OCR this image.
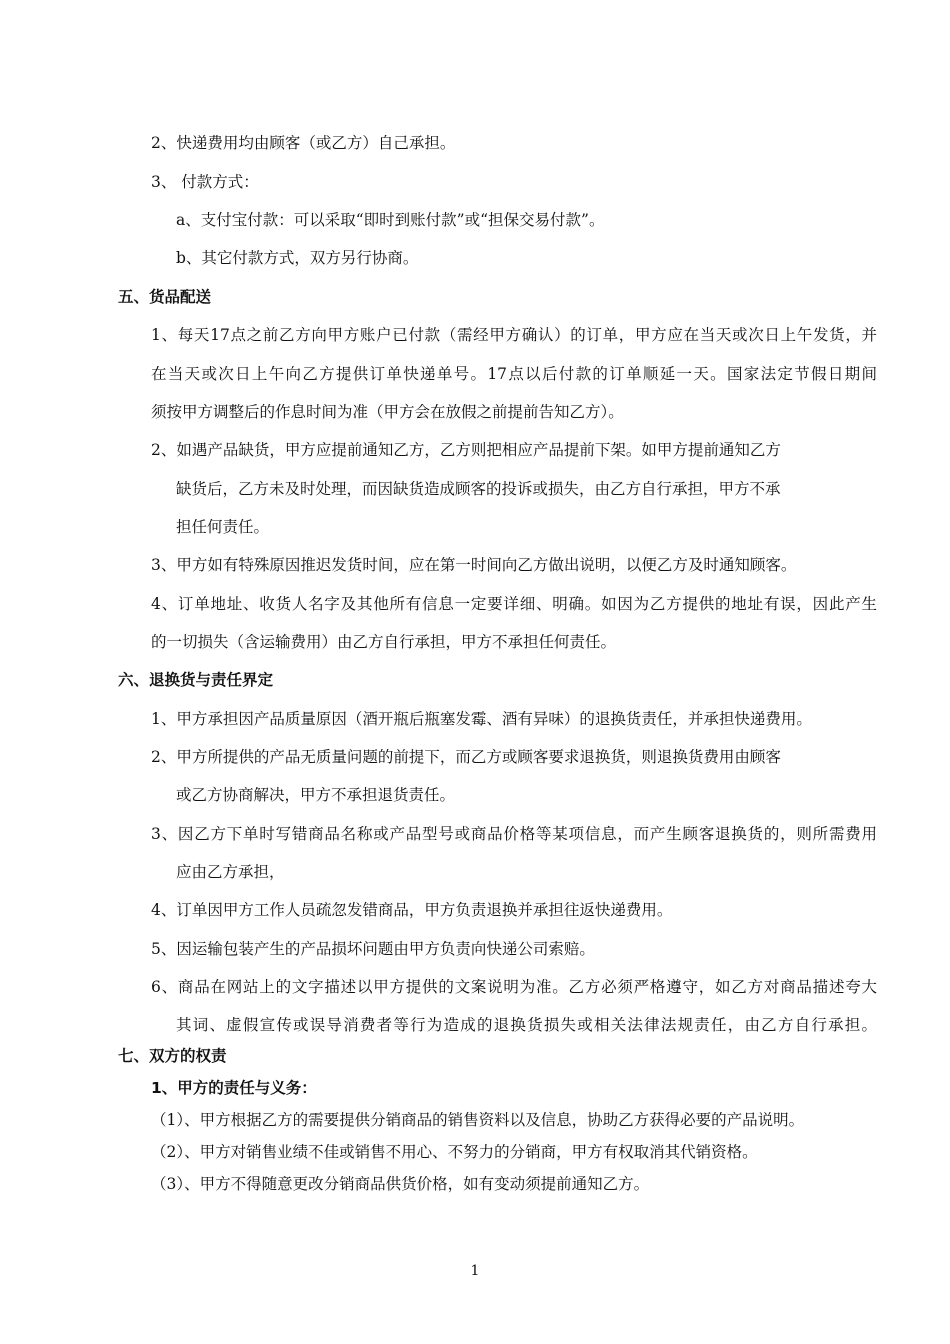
2、快递费用均由顾客（或乙方）自己承担。
3、 付款方式：
a、支付宝付款：可以采取“即时到账付款”或“担保交易付款”。
b、其它付款方式，双方另行协商。
五、货品配送
1、每天17点之前乙方向甲方账户已付款（需经甲方确认）的订单，甲方应在当天或次日上午发货，并
在当天或次日上午向乙方提供订单快递单号。17点以后付款的订单顺延一天。国家法定节假日期间
须按甲方调整后的作息时间为准（甲方会在放假之前提前告知乙方）。
2、如遇产品缺货，甲方应提前通知乙方，乙方则把相应产品提前下架。如甲方提前通知乙方
缺货后，乙方未及时处理，而因缺货造成顾客的投诉或损失，由乙方自行承担，甲方不承
担任何责任。
3、甲方如有特殊原因推迟发货时间，应在第一时间向乙方做出说明，以便乙方及时通知顾客。
4、订单地址、收货人名字及其他所有信息一定要详细、明确。如因为乙方提供的地址有误，因此产生
的一切损失（含运输费用）由乙方自行承担，甲方不承担任何责任。
六、退换货与责任界定
1、甲方承担因产品质量原因（酒开瓶后瓶塞发霉、酒有异味）的退换货责任，并承担快递费用。
2、甲方所提供的产品无质量问题的前提下，而乙方或顾客要求退换货，则退换货费用由顾客
或乙方协商解决，甲方不承担退货责任。
3、因乙方下单时写错商品名称或产品型号或商品价格等某项信息，而产生顾客退换货的，则所需费用
应由乙方承担，
4、订单因甲方工作人员疏忽发错商品，甲方负责退换并承担往返快递费用。
5、因运输包装产生的产品损坏问题由甲方负责向快递公司索赔。
6、商品在网站上的文字描述以甲方提供的文案说明为准。乙方必须严格遵守，如乙方对商品描述夸大
其词、虚假宣传或误导消费者等行为造成的退换货损失或相关法律法规责任，由乙方自行承担。
七、双方的权责
1、甲方的责任与义务：
（1）、甲方根据乙方的需要提供分销商品的销售资料以及信息，协助乙方获得必要的产品说明。
（2）、甲方对销售业绩不佳或销售不用心、不努力的分销商，甲方有权取消其代销资格。
（3）、甲方不得随意更改分销商品供货价格，如有变动须提前通知乙方。
1
